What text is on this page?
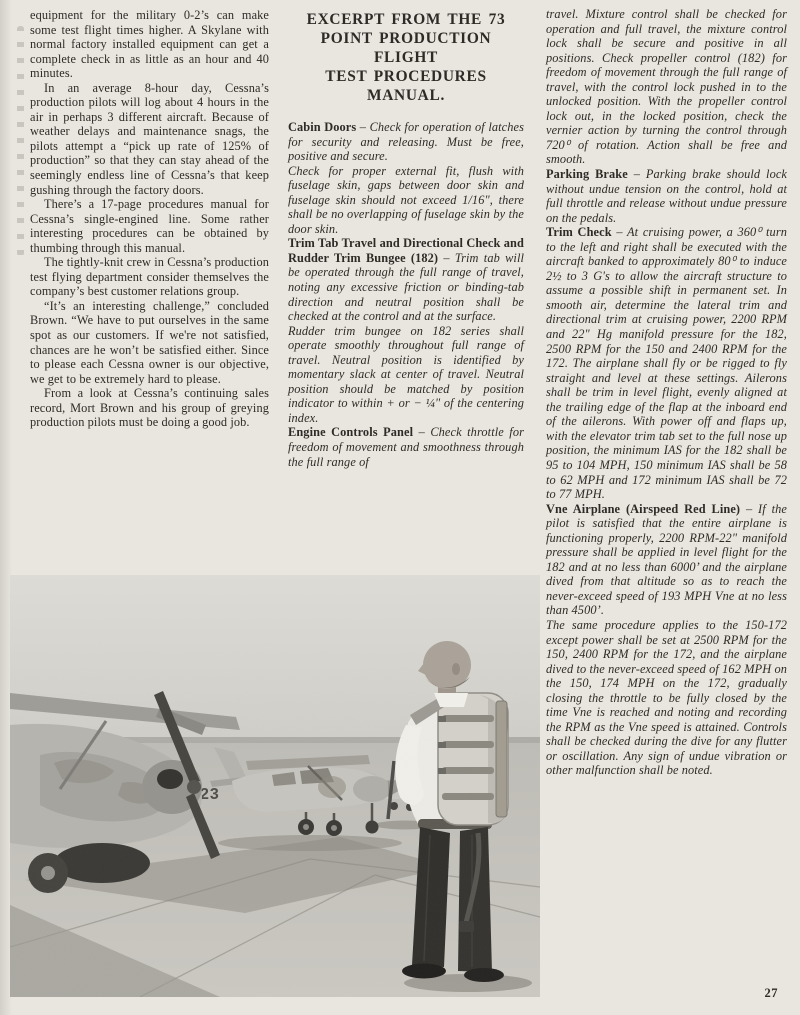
equipment for the military 0-2’s can make some test flight times higher. A Skylane with normal factory installed equipment can get a complete check in as little as an hour and 40 minutes.

In an average 8-hour day, Cessna’s production pilots will log about 4 hours in the air in perhaps 3 different aircraft. Because of weather delays and maintenance snags, the pilots attempt a “pick up rate of 125% of production” so that they can stay ahead of the seemingly endless line of Cessna’s that keep gushing through the factory doors.

There’s a 17-page procedures manual for Cessna’s single-engined line. Some rather interesting procedures can be obtained by thumbing through this manual.

The tightly-knit crew in Cessna’s production test flying department consider themselves the company’s best customer relations group.

“It’s an interesting challenge,” concluded Brown. “We have to put ourselves in the same spot as our customers. If we're not satisfied, chances are he won’t be satisfied either. Since to please each Cessna owner is our objective, we get to be extremely hard to please.

From a look at Cessna’s continuing sales record, Mort Brown and his group of greying production pilots must be doing a good job.

EXCERPT FROM THE 73
POINT PRODUCTION FLIGHT
TEST PROCEDURES
MANUAL.

Cabin Doors – Check for operation of latches for security and releasing. Must be free, positive and secure.

Check for proper external fit, flush with fuselage skin, gaps between door skin and fuselage skin should not exceed 1/16", there shall be no overlapping of fuselage skin by the door skin.

Trim Tab Travel and Directional Check and Rudder Trim Bungee (182) – Trim tab will be operated through the full range of travel, noting any excessive friction or binding-tab direction and neutral position shall be checked at the control and at the surface.

Rudder trim bungee on 182 series shall operate smoothly throughout full range of travel. Neutral position is identified by momentary slack at center of travel. Neutral position should be matched by position indicator to within + or − ¼" of the centering index.

Engine Controls Panel – Check throttle for freedom of movement and smoothness through the full range of

travel. Mixture control shall be checked for operation and full travel, the mixture control lock shall be secure and positive in all positions. Check propeller control (182) for freedom of movement through the full range of travel, with the control lock pushed in to the unlocked position. With the propeller control lock out, in the locked position, check the vernier action by turning the control through 720⁰ of rotation. Action shall be free and smooth.

Parking Brake – Parking brake should lock without undue tension on the control, hold at full throttle and release without undue pressure on the pedals.

Trim Check – At cruising power, a 360⁰ turn to the left and right shall be executed with the aircraft banked to approximately 80⁰ to induce 2½ to 3 G's to allow the aircraft structure to assume a possible shift in permanent set. In smooth air, determine the lateral trim and directional trim at cruising power, 2200 RPM and 22" Hg manifold pressure for the 182, 2500 RPM for the 150 and 2400 RPM for the 172. The airplane shall fly or be rigged to fly straight and level at these settings. Ailerons shall be trim in level flight, evenly aligned at the trailing edge of the flap at the inboard end of the ailerons. With power off and flaps up, with the elevator trim tab set to the full nose up position, the minimum IAS for the 182 shall be 95 to 104 MPH, 150 minimum IAS shall be 58 to 62 MPH and 172 minimum IAS shall be 72 to 77 MPH.

Vne Airplane (Airspeed Red Line) – If the pilot is satisfied that the entire airplane is functioning properly, 2200 RPM-22" manifold pressure shall be applied in level flight for the 182 and at no less than 6000’ and the airplane dived from that altitude so as to reach the never-exceed speed of 193 MPH Vne at no less than 4500’.

The same procedure applies to the 150-172 except power shall be set at 2500 RPM for the 150, 2400 RPM for the 172, and the airplane dived to the never-exceed speed of 162 MPH on the 150, 174 MPH on the 172, gradually closing the throttle to be fully closed by the time Vne is reached and noting and recording the RPM as the Vne speed is attained. Controls shall be checked during the dive for any flutter or oscillation. Any sign of undue vibration or other malfunction shall be noted.

27
